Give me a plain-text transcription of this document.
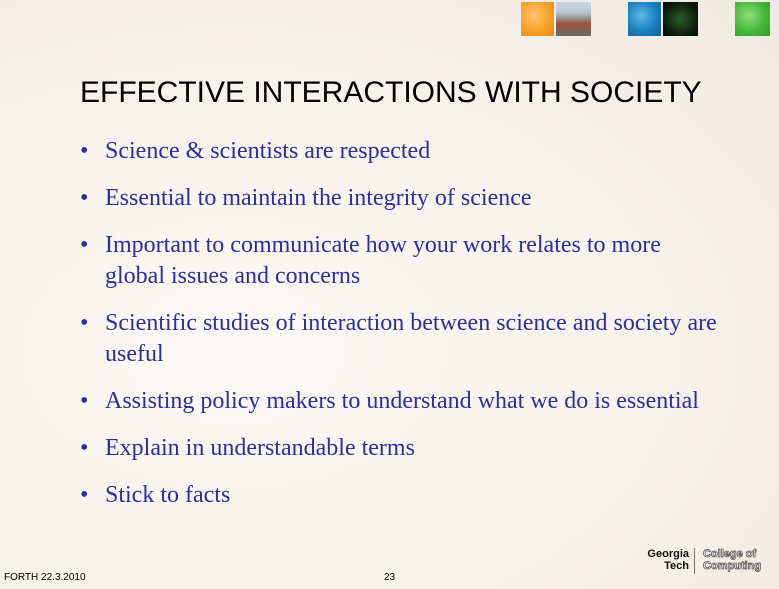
EFFECTIVE INTERACTIONS WITH SOCIETY
• Science & scientists are respected
• Essential to maintain the integrity of science
• Important to communicate how your work relates to more global issues and concerns
• Scientific studies of interaction between science and society are useful
• Assisting policy makers to understand what we do is essential
• Explain in understandable terms
• Stick to facts
FORTH 22.3.2010	23
Georgia
Tech
College of
Computing
